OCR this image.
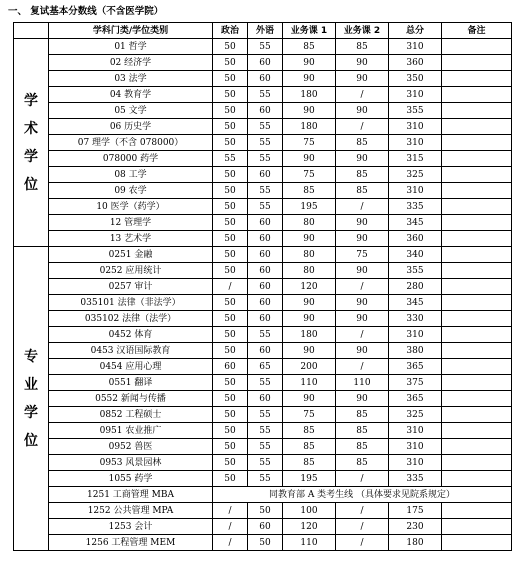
一、 复试基本分数线（不含医学院）
	学科门类/学位类别	政治	外语	业务课 1	业务课 2	总分	备注

学
术
学
位	01 哲学	50	55	85	85	310	
	02 经济学	50	60	90	90	360	
	03 法学	50	60	90	90	350	
	04 教育学	50	55	180	/	310	
	05 文学	50	60	90	90	355	
	06 历史学	50	55	180	/	310	
	07 理学（不含 078000）	50	55	75	85	310	
	078000 药学	55	55	90	90	315	
	08 工学	50	60	75	85	325	
	09 农学	50	55	85	85	310	
	10 医学（药学）	50	55	195	/	335	
	12 管理学	50	60	80	90	345	
	13 艺术学	50	60	90	90	360	

专
业
学
位	0251 金融	50	60	80	75	340	
	0252 应用统计	50	60	80	90	355	
	0257 审计	/	60	120	/	280	
	035101 法律（非法学）	50	60	90	90	345	
	035102 法律（法学）	50	60	90	90	330	
	0452 体育	50	55	180	/	310	
	0453 汉语国际教育	50	60	90	90	380	
	0454 应用心理	60	65	200	/	365	
	0551 翻译	50	55	110	110	375	
	0552 新闻与传播	50	60	90	90	365	
	0852 工程硕士	50	55	75	85	325	
	0951 农业推广	50	55	85	85	310	
	0952 兽医	50	55	85	85	310	
	0953 风景园林	50	55	85	85	310	
	1055 药学	50	55	195	/	335	
	1251 工商管理 MBA	同教育部 A 类考生线 （具体要求见院系规定）					
	1252 公共管理 MPA	/	50	100	/	175	
	1253 会计	/	60	120	/	230	
	1256 工程管理 MEM	/	50	110	/	180	
